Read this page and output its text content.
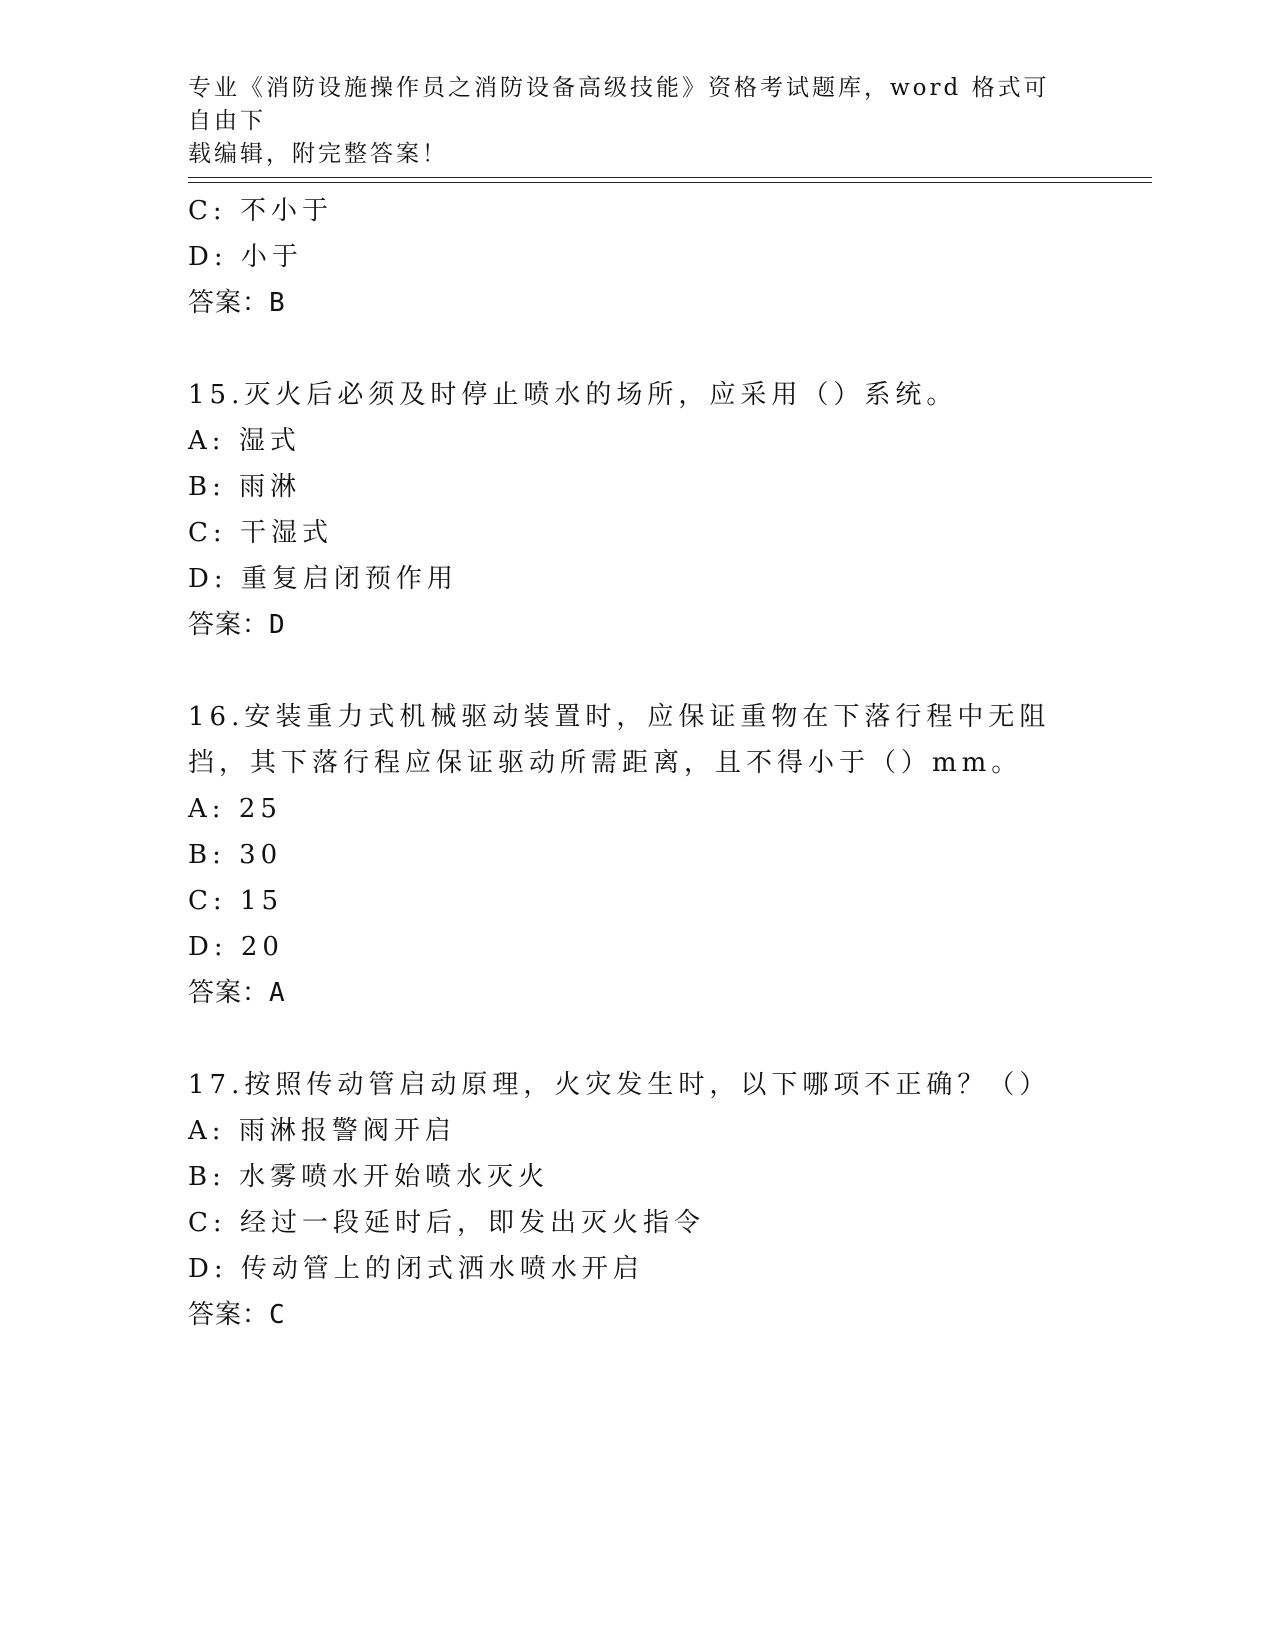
专业《消防设施操作员之消防设备高级技能》资格考试题库，word 格式可自由下
载编辑，附完整答案！
C: 不小于
D: 小于
答案：B
15.灭火后必须及时停止喷水的场所，应采用（）系统。
A: 湿式
B: 雨淋
C: 干湿式
D: 重复启闭预作用
答案：D
16.安装重力式机械驱动装置时，应保证重物在下落行程中无阻挡，其下落行程应保证驱动所需距离，且不得小于（）mm。
A: 25
B: 30
C: 15
D: 20
答案：A
17.按照传动管启动原理，火灾发生时，以下哪项不正确？（）
A: 雨淋报警阀开启
B: 水雾喷水开始喷水灭火
C: 经过一段延时后，即发出灭火指令
D: 传动管上的闭式洒水喷水开启
答案：C
